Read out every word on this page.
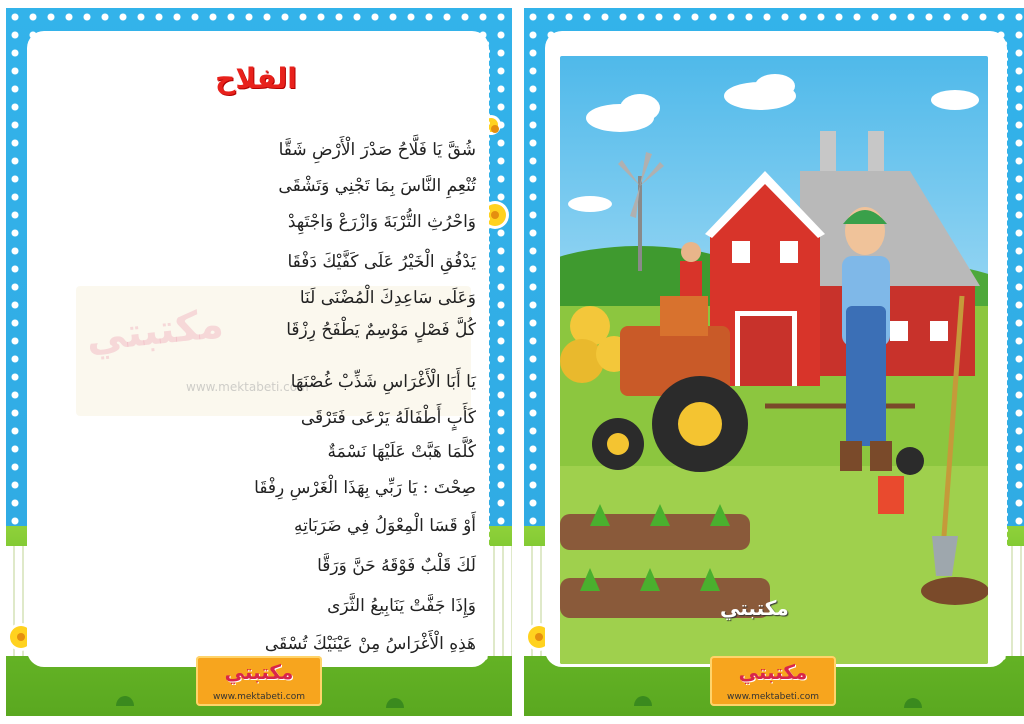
مكتبتي
www.mektabeti.com
الفلاح
شُقَّ يَا فَلَّاحُ صَدْرَ الْأَرْضِ شَقَّا
تُنْعِمِ النَّاسَ بِمَا تَجْنِي وَتَشْقَى
وَاحْرُثِ التُّرْبَةَ وَازْرَعْ وَاجْتَهِدْ
يَدْفُقِ الْخَيْرُ عَلَى كَفَّيْكَ دَفْقَا
وَعَلَى سَاعِدِكَ الْمُضْنَى لَنَا
كُلَّ فَصْلٍ مَوْسِمٌ يَطْفَحُ رِزْقَا
يَا أَبَا الْأَغْرَاسِ شَذِّبْ غُصْنَهَا
كَأَبٍ أَطْفَالَهُ يَرْعَى فَتَرْقَى
كُلَّمَا هَبَّتْ عَلَيْهَا نَسْمَةٌ
صِحْتَ : يَا رَبِّي بِهَذَا الْغَرْسِ رِفْقَا
أَوْ قَسَا الْمِعْوَلُ فِي ضَرَبَاتِهِ
لَكَ قَلْبٌ فَوْقَهُ حَنَّ وَرَقَّا
وَإِذَا جَفَّتْ يَنَابِيعُ الثَّرَى
هَذِهِ الْأَغْرَاسُ مِنْ عَيْنَيْكَ تُسْقَى
مكتبتي
www.mektabeti.com
مكتبتي
مكتبتي
www.mektabeti.com
